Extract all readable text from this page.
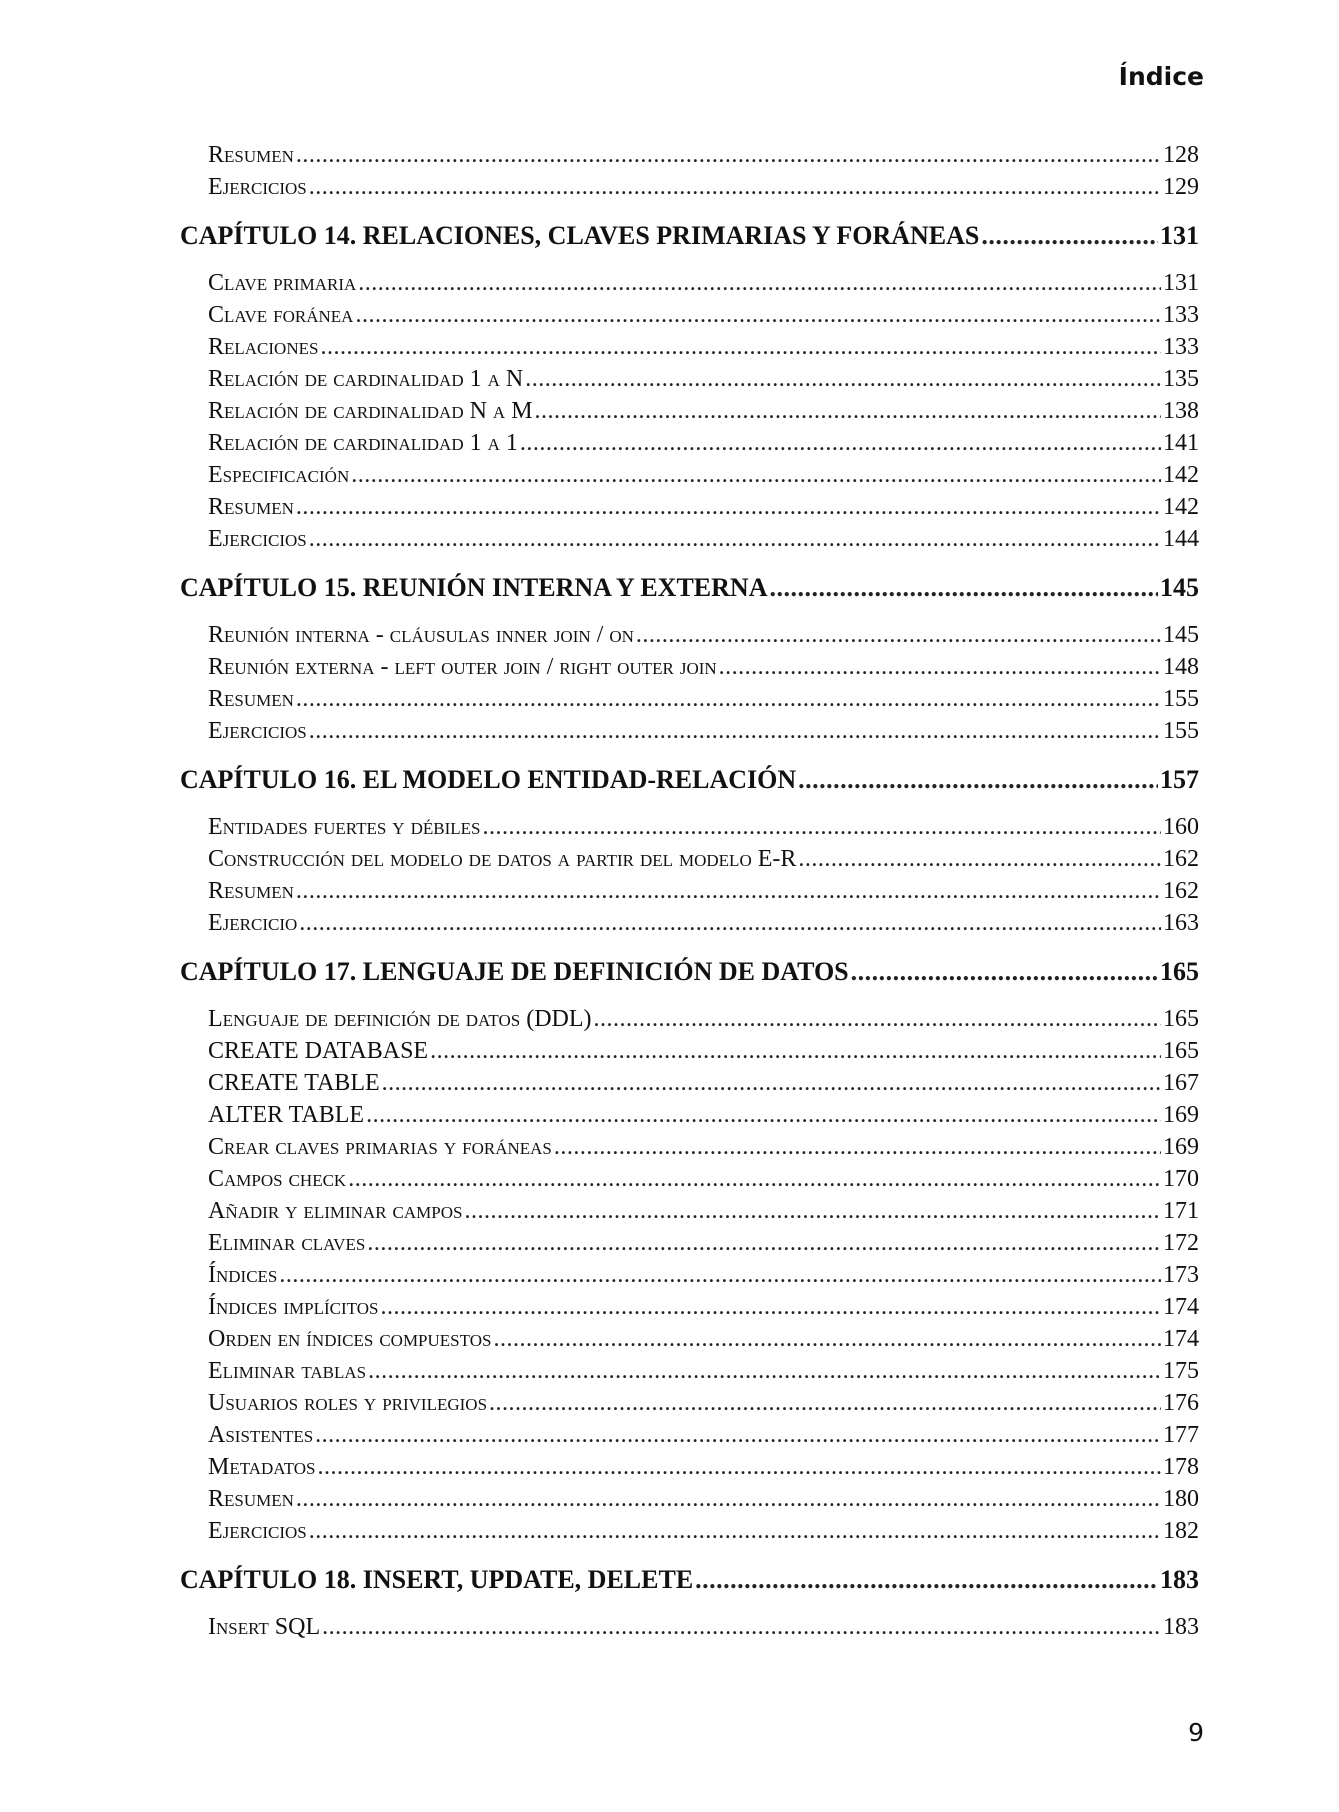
Índice
Resumen .....	128
Ejercicios .....	129
CAPÍTULO 14. RELACIONES, CLAVES PRIMARIAS Y FORÁNEAS .....	131
Clave primaria .....	131
Clave foránea .....	133
Relaciones .....	133
Relación de cardinalidad 1 a N .....	135
Relación de cardinalidad N a M .....	138
Relación de cardinalidad 1 a 1 .....	141
Especificación .....	142
Resumen .....	142
Ejercicios .....	144
CAPÍTULO 15. REUNIÓN INTERNA Y EXTERNA .....	145
Reunión interna - cláusulas inner join / on .....	145
Reunión externa - left outer join / right outer join .....	148
Resumen .....	155
Ejercicios .....	155
CAPÍTULO 16. EL MODELO ENTIDAD-RELACIÓN .....	157
Entidades fuertes y débiles .....	160
Construcción del modelo de datos a partir del modelo E-R .....	162
Resumen .....	162
Ejercicio .....	163
CAPÍTULO 17. LENGUAJE DE DEFINICIÓN DE DATOS .....	165
Lenguaje de definición de datos (DDL) .....	165
CREATE DATABASE .....	165
CREATE TABLE .....	167
ALTER TABLE .....	169
Crear claves primarias y foráneas .....	169
Campos check .....	170
Añadir y eliminar campos .....	171
Eliminar claves .....	172
Índices .....	173
Índices implícitos .....	174
Orden en índices compuestos .....	174
Eliminar tablas .....	175
Usuarios roles y privilegios .....	176
Asistentes .....	177
Metadatos .....	178
Resumen .....	180
Ejercicios .....	182
CAPÍTULO 18. INSERT, UPDATE, DELETE .....	183
Insert SQL .....	183
9
